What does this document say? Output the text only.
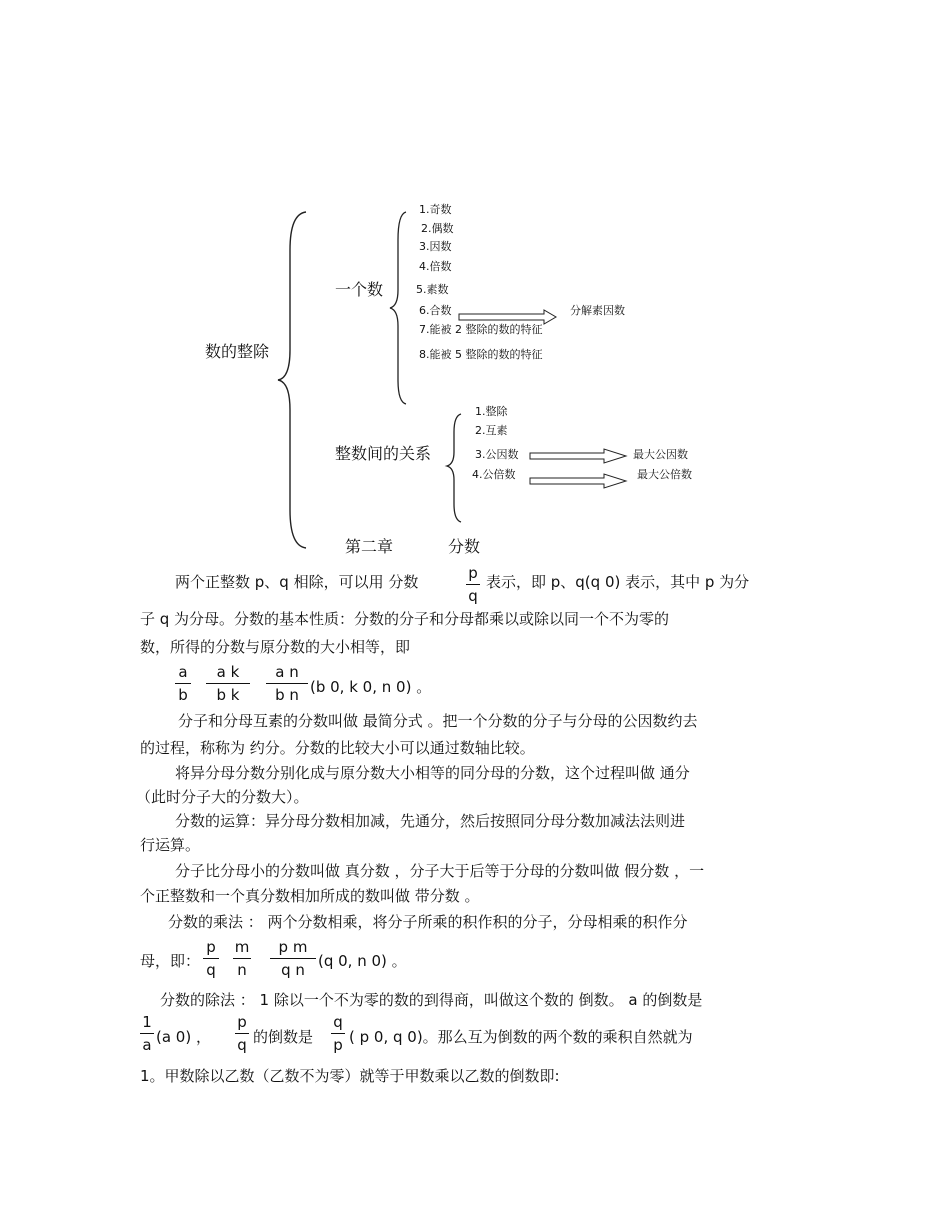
数的整除
一个数
1.奇数
2.偶数
3.因数
4.倍数
5.素数
6.合数
7.能被 2 整除的数的特征
8.能被 5 整除的数的特征
分解素因数
整数间的关系
1.整除
2.互素
3.公因数
4.公倍数
最大公因数
最大公倍数
第二章	分数
两个正整数 p、q 相除，可以用 分数	p
q
表示，即 p、q(q 0) 表示，其中 p 为分
子 q 为分母。分数的基本性质：分数的分子和分母都乘以或除以同一个不为零的
数，所得的分数与原分数的大小相等，即
a
b
a k
b k
a n
b n (b 0, k 0, n 0) 。
分子和分母互素的分数叫做 最简分式 。把一个分数的分子与分母的公因数约去
的过程，称称为 约分。分数的比较大小可以通过数轴比较。
将异分母分数分别化成与原分数大小相等的同分母的分数，这个过程叫做 通分
（此时分子大的分数大）。
分数的运算：异分母分数相加减，先通分，然后按照同分母分数加减法法则进
行运算。
分子比分母小的分数叫做 真分数 ，分子大于后等于分母的分数叫做 假分数 ，一
个正整数和一个真分数相加所成的数叫做 带分数 。
分数的乘法 ： 两个分数相乘，将分子所乘的积作积的分子，分母相乘的积作分
母，即：
p
q
m
n
p m
q n (q 0, n 0) 。
分数的除法 ： 1 除以一个不为零的数的到得商，叫做这个数的 倒数。 a 的倒数是
1
a (a 0) ，
p
q 的倒数是
q
p ( p 0, q 0)。那么互为倒数的两个数的乘积自然就为
1。甲数除以乙数（乙数不为零）就等于甲数乘以乙数的倒数即:
